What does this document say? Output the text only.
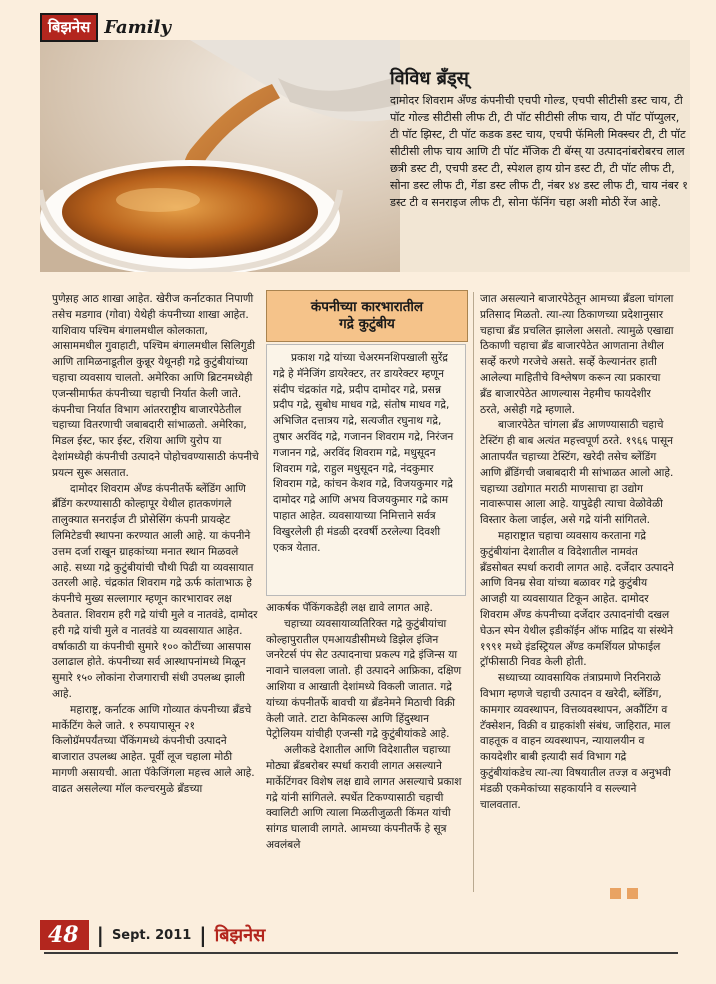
बिझनेस Family
विविध ब्रँड्स्

दामोदर शिवराम अँण्ड कंपनीची एचपी गोल्ड, एचपी सीटीसी डस्ट चाय, टी पॉट गोल्ड सीटीसी लीफ टी, टी पॉट सीटीसी लीफ चाय, टी पॉट पॉप्युलर, टी पॉट झिस्ट, टी पॉट कडक डस्ट चाय, एचपी फॅमिली मिक्स्चर टी, टी पॉट सीटीसी लीफ चाय आणि टी पॉट मॅजिक टी बॅग्स् या उत्पादनांबरोबरच लाल छत्री डस्ट टी, एचपी डस्ट टी, स्पेशल हाय ग्रोन डस्ट टी, टी पॉट लीफ टी, सोना डस्ट लीफ टी, गेंडा डस्ट लीफ टी, नंबर ४४ डस्ट लीफ टी, चाय नंबर १ डस्ट टी व सनराइज लीफ टी, सोना फॅनिंग चहा अशी मोठी रेंज आहे.

पुणेस़ह आठ शाखा आहेत. खेरीज कर्नाटकात निपाणी तसेच मडगाव (गोवा) येथेही कंपनीच्या शाखा आहेत. याशिवाय पश्चिम बंगालमधील कोलकाता, आसाममधील गुवाहाटी, पश्चिम बंगालमधील सिलिगुडी आणि तामिळनाडूतील कुन्नूर येथूनही गद्रे कुटुंबीयांच्या चहाचा व्यवसाय चालतो. अमेरिका आणि ब्रिटनमध्येही एजन्सीमार्फत कंपनीच्या चहाची निर्यात केली जाते. कंपनीचा निर्यात विभाग आंतरराष्ट्रीय बाजारपेठेतील चहाच्या वितरणाची जबाबदारी सांभाळतो. अमेरिका, मिडल ईस्ट, फार ईस्ट, रशिया आणि युरोप या देशांमध्येही कंपनीची उत्पादने पोहोचवण्यासाठी कंपनीचे प्रयत्न सुरू असतात.

दामोदर शिवराम अँण्ड कंपनीतर्फे ब्लेंडिंग आणि ब्रँडिंग करण्यासाठी कोल्हापूर येथील हातकणंगले तालुक्यात सनराईज टी प्रोसेसिंग कंपनी प्रायव्हेट लिमिटेडची स्थापना करण्यात आली आहे. या कंपनीने उत्तम दर्जा राखून ग्राहकांच्या मनात स्थान मिळवले आहे. सध्या गद्रे कुटुंबीयांची चौथी पिढी या व्यवसायात उतरली आहे. चंद्रकांत शिवराम गद्रे ऊर्फ कांताभाऊ हे कंपनीचे मुख्य सल्लागार म्हणून कारभारावर लक्ष ठेवतात. शिवराम हरी गद्रे यांची मुले व नातवंडे, दामोदर हरी गद्रे यांची मुले व नातवंडे या व्यवसायात आहेत. वर्षाकाठी या कंपनीची सुमारे १०० कोटींच्या आसपास उलाढाल होते. कंपनीच्या सर्व आस्थापनांमध्ये मिळून सुमारे १५० लोकांना रोजगाराची संधी उपलब्ध झाली आहे.

महाराष्ट्र, कर्नाटक आणि गोव्यात कंपनीच्या ब्रँडचे मार्केटिंग केले जाते. १ रुपयापासून २१ किलोग्रॅमपर्यंतच्या पॅकिंगमध्ये कंपनीची उत्पादने बाजारात उपलब्ध आहेत. पूर्वी लूज चहाला मोठी मागणी असायची. आता पॅकेजिंगला महत्त्व आले आहे. वाढत असलेल्या मॉल कल्चरमुळे ब्रँडच्या

कंपनीच्या कारभारातील
गद्रे कुटुंबीय

प्रकाश गद्रे यांच्या चेअरमनशिपखाली सुरेंद्र गद्रे हे मॅनेजिंग डायरेक्टर, तर डायरेक्टर म्हणून संदीप चंद्रकांत गद्रे, प्रदीप दामोदर गद्रे, प्रसन्न प्रदीप गद्रे, सुबोध माधव गद्रे, संतोष माधव गद्रे, अभिजित दत्तात्रय गद्रे, सत्यजीत रघुनाथ गद्रे, तुषार अरविंद गद्रे, गजानन शिवराम गद्रे, निरंजन गजानन गद्रे, अरविंद शिवराम गद्रे, मधुसूदन शिवराम गद्रे, राहुल मधुसूदन गद्रे, नंदकुमार शिवराम गद्रे, कांचन केशव गद्रे, विजयकुमार गद्रे दामोदर गद्रे आणि अभय विजयकुमार गद्रे काम पाहात आहेत. व्यवसायाच्या निमित्ताने सर्वत्र विखुरलेली ही मंडळी दरवर्षी ठरलेल्या दिवशी एकत्र येतात.

आकर्षक पॅकिंगकडेही लक्ष द्यावे लागत आहे.

चहाच्या व्यवसायाव्यतिरिक्त गद्रे कुटुंबीयांचा कोल्हापुरातील एमआयडीसीमध्ये डिझेल इंजिन जनरेटर्स पंप सेट उत्पादनाचा प्रकल्प गद्रे इंजिन्स या नावाने चालवला जातो. ही उत्पादने आफ्रिका, दक्षिण आशिया व आखाती देशांमध्ये विकली जातात. गद्रे यांच्या कंपनीतर्फे बावची या ब्रँडनेमने मिठाची विक्री केली जाते. टाटा केमिकल्स आणि हिंदुस्थान पेट्रोलियम यांचीही एजन्सी गद्रे कुटुंबीयांकडे आहे.

अलीकडे देशातील आणि विदेशातील चहाच्या मोठ्या ब्रँडबरोबर स्पर्धा करावी लागत असल्याने मार्केटिंगवर विशेष लक्ष द्यावे लागत असल्याचे प्रकाश गद्रे यांनी सांगितले. स्पर्धेत टिकण्यासाठी चहाची क्वालिटी आणि त्याला मिळतीजुळती किंमत यांची सांगड घालावी लागते. आमच्या कंपनीतर्फे हे सूत्र अवलंबले

जात असल्याने बाजारपेठेतून आमच्या ब्रँडला चांगला प्रतिसाद मिळतो. त्या-त्या ठिकाणच्या प्रदेशानुसार चहाचा ब्रँड प्रचलित झालेला असतो. त्यामुळे एखाद्या ठिकाणी चहाचा ब्रँड बाजारपेठेत आणताना तेथील सर्व्हे करणे गरजेचे असते. सर्व्हे केल्यानंतर हाती आलेल्या माहितीचे विश्लेषण करून त्या प्रकारचा ब्रँड बाजारपेठेत आणल्यास नेहमीच फायदेशीर ठरते, असेही गद्रे म्हणाले.

बाजारपेठेत चांगला ब्रँड आणण्यासाठी चहाचे टेस्टिंग ही बाब अत्यंत महत्त्वपूर्ण ठरते. १९६६ पासून आतापर्यंत चहाच्या टेस्टिंग, खरेदी तसेच ब्लेंडिंग आणि ब्रँडिंगची जबाबदारी मी सांभाळत आलो आहे. चहाच्या उद्योगात मराठी माणसाचा हा उद्योग नावारूपास आला आहे. यापुढेही त्याचा वेळोवेळी विस्तार केला जाईल, असे गद्रे यांनी सांगितले.

महाराष्ट्रात चहाचा व्यवसाय करताना गद्रे कुटुंबीयांना देशातील व विदेशातील नामवंत ब्रँडसोबत स्पर्धा करावी लागत आहे. दर्जेदार उत्पादने आणि विनम्र सेवा यांच्या बळावर गद्रे कुटुंबीय आजही या व्यवसायात टिकून आहेत. दामोदर शिवराम अँण्ड कंपनीच्या दर्जेदार उत्पादनांची दखल घेऊन स्पेन येथील इडीकॉईन ऑफ माद्रिद या संस्थेने १९९१ मध्ये इंडस्ट्रियल अँण्ड कमर्शियल प्रोफाईल ट्रॉफीसाठी निवड केली होती.

सध्याच्या व्यावसायिक तंत्राप्रमाणे निरनिराळे विभाग म्हणजे चहाची उत्पादन व खरेदी, ब्लेंडिंग, कामगार व्यवस्थापन, वित्तव्यवस्थापन, अकौंटिंग व टॅक्सेशन, विक्री व ग्राहकांशी संबंध, जाहिरात, माल वाहतूक व वाहन व्यवस्थापन, न्यायालयीन व कायदेशीर बाबी इत्यादी सर्व विभाग गद्रे कुटुंबीयांकडेच त्या-त्या विषयातील तज्ज्ञ व अनुभवी मंडळी एकमेकांच्या सहकार्याने व सल्ल्याने चालवतात.

48 | Sept. 2011 | बिझनेस
